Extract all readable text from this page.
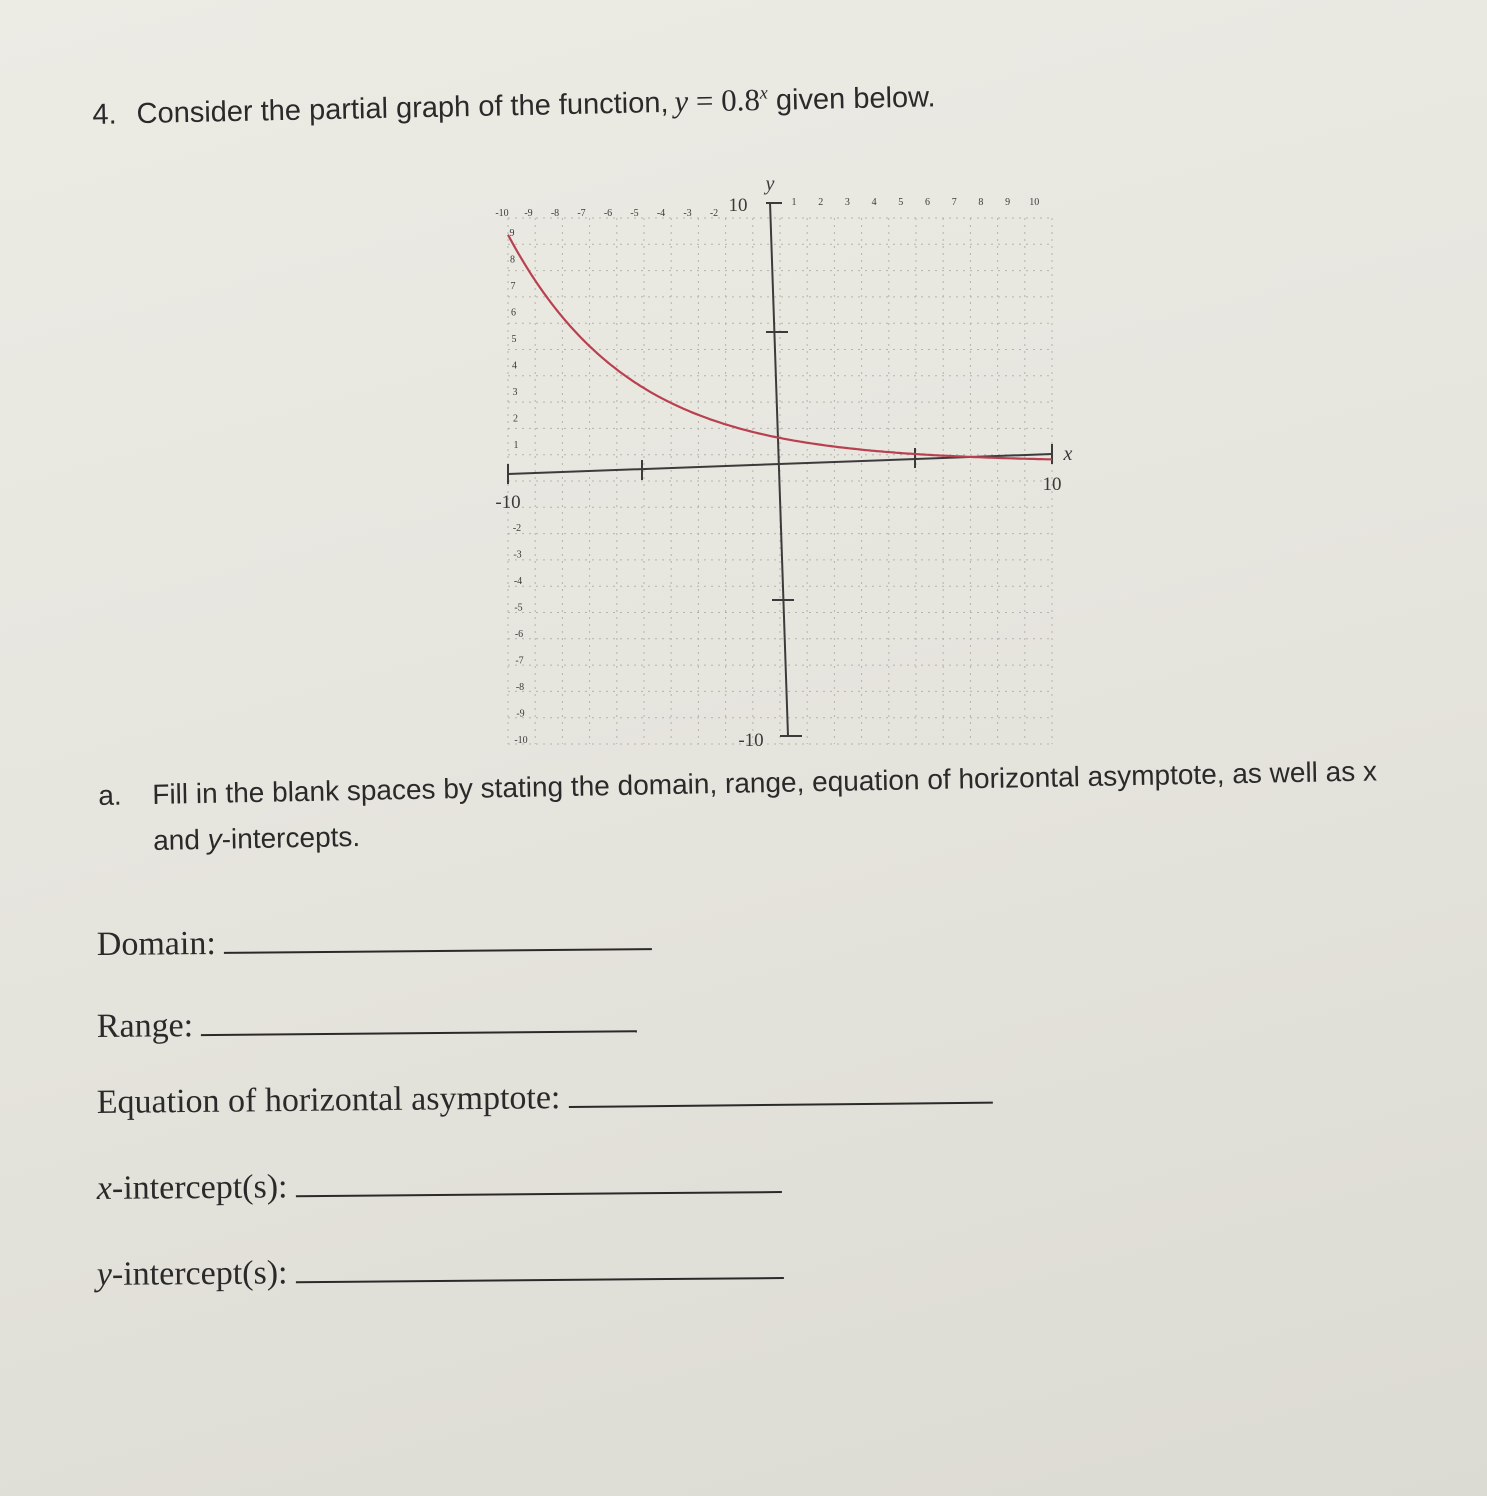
4. Consider the partial graph of the function, $y = 0.8^x$ given below.
-10 -9 -8 -7 -6 -5 -4 -3 -2
1 2 3 4 5 6 7 8 9 10
9
8
7
6
5
4
3
2
1
-2
-3
-4
-5
-6
-7
-8
-9
-10
10
-10
-10
10
y
x
a. Fill in the blank spaces by stating the domain, range, equation of horizontal asymptote, as well as x
and y-intercepts.
Domain:
Range:
Equation of horizontal asymptote:
x-intercept(s):
y-intercept(s):
